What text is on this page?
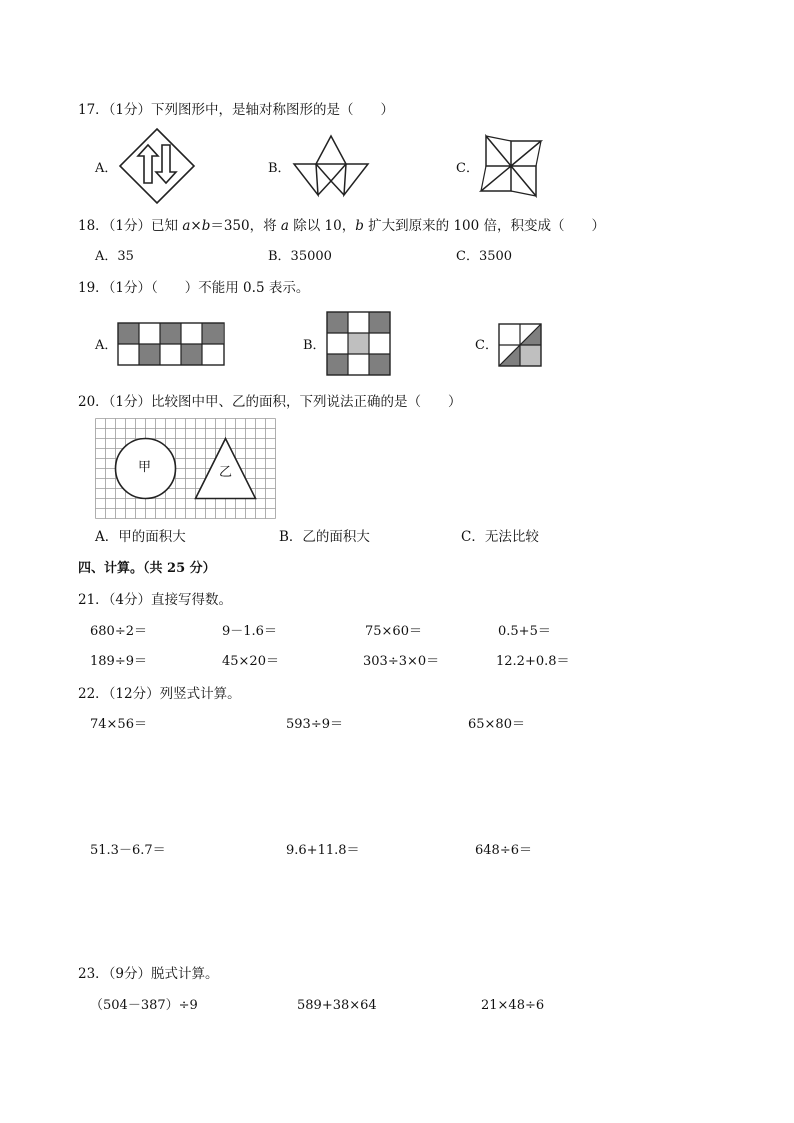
17．（1分）下列图形中，是轴对称图形的是（　　）
A．	B．	C．
18．（1分）已知 a×b＝350，将 a 除以 10，b 扩大到原来的 100 倍，积变成（　　）
A．35	B．35000	C．3500
19．（1分）（　　）不能用 0.5 表示。
A．	B．	C．
20．（1分）比较图中甲、乙的面积，下列说法正确的是（　　）
甲	乙
A．甲的面积大	B．乙的面积大	C．无法比较
四、计算。（共 25 分）
21．（4分）直接写得数。
680÷2＝	9－1.6＝	75×60＝	0.5+5＝
189÷9＝	45×20＝	303÷3×0＝	12.2+0.8＝
22．（12分）列竖式计算。
74×56＝	593÷9＝	65×80＝
51.3－6.7＝	9.6+11.8＝	648÷6＝
23．（9分）脱式计算。
（504－387）÷9	589+38×64	21×48÷6
